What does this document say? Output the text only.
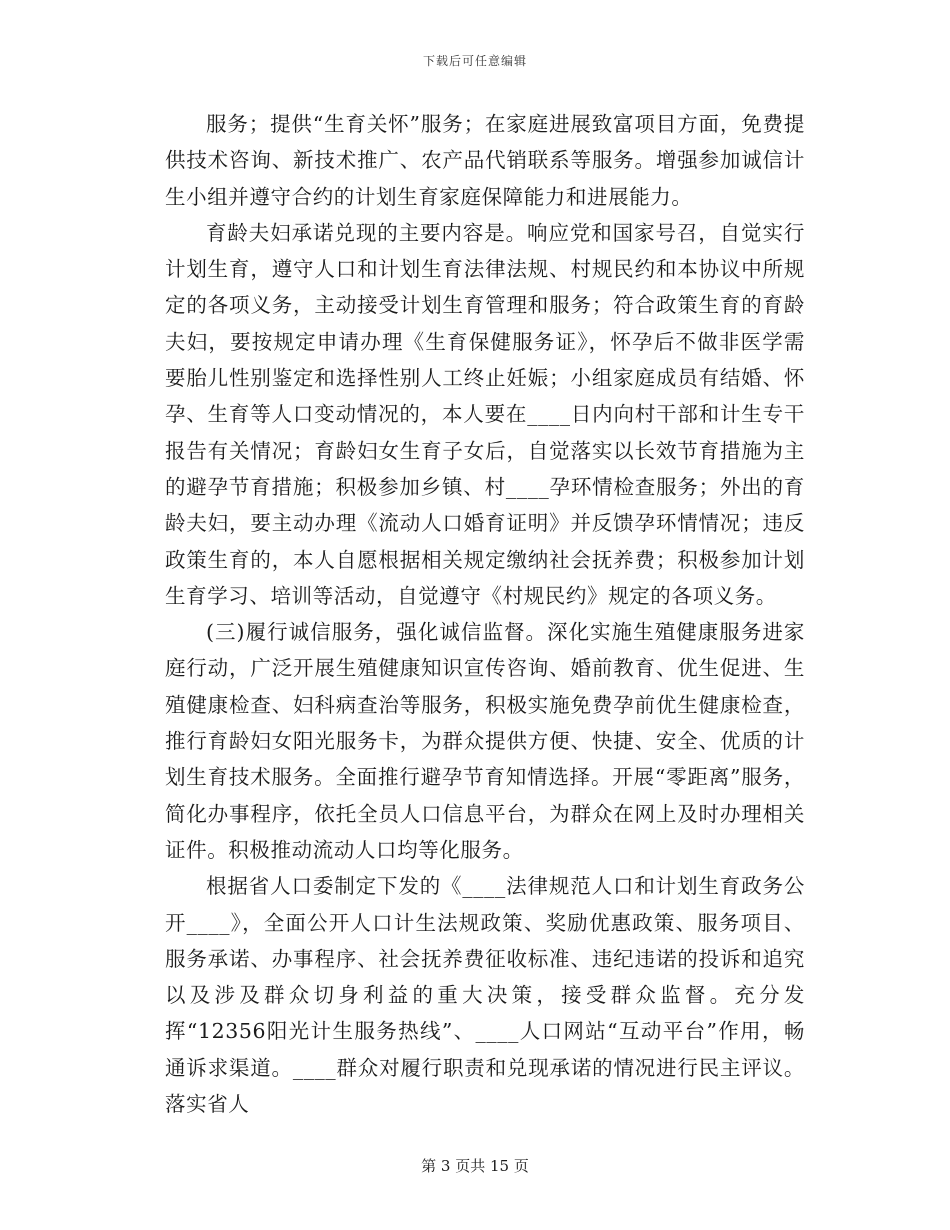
下载后可任意编辑

服务；提供“生育关怀”服务；在家庭进展致富项目方面，免费提供技术咨询、新技术推广、农产品代销联系等服务。增强参加诚信计生小组并遵守合约的计划生育家庭保障能力和进展能力。

育龄夫妇承诺兑现的主要内容是。响应党和国家号召，自觉实行计划生育，遵守人口和计划生育法律法规、村规民约和本协议中所规定的各项义务，主动接受计划生育管理和服务；符合政策生育的育龄夫妇，要按规定申请办理《生育保健服务证》，怀孕后不做非医学需要胎儿性别鉴定和选择性别人工终止妊娠；小组家庭成员有结婚、怀孕、生育等人口变动情况的，本人要在____日内向村干部和计生专干报告有关情况；育龄妇女生育子女后，自觉落实以长效节育措施为主的避孕节育措施；积极参加乡镇、村____孕环情检查服务；外出的育龄夫妇，要主动办理《流动人口婚育证明》并反馈孕环情情况；违反政策生育的，本人自愿根据相关规定缴纳社会抚养费；积极参加计划生育学习、培训等活动，自觉遵守《村规民约》规定的各项义务。

(三)履行诚信服务，强化诚信监督。深化实施生殖健康服务进家庭行动，广泛开展生殖健康知识宣传咨询、婚前教育、优生促进、生殖健康检查、妇科病查治等服务，积极实施免费孕前优生健康检查，推行育龄妇女阳光服务卡，为群众提供方便、快捷、安全、优质的计划生育技术服务。全面推行避孕节育知情选择。开展“零距离”服务，简化办事程序，依托全员人口信息平台，为群众在网上及时办理相关证件。积极推动流动人口均等化服务。

根据省人口委制定下发的《____法律规范人口和计划生育政务公开____》，全面公开人口计生法规政策、奖励优惠政策、服务项目、服务承诺、办事程序、社会抚养费征收标准、违纪违诺的投诉和追究以及涉及群众切身利益的重大决策，接受群众监督。充分发挥“12356阳光计生服务热线”、____人口网站“互动平台”作用，畅通诉求渠道。____群众对履行职责和兑现承诺的情况进行民主评议。落实省人

第 3 页共 15 页
